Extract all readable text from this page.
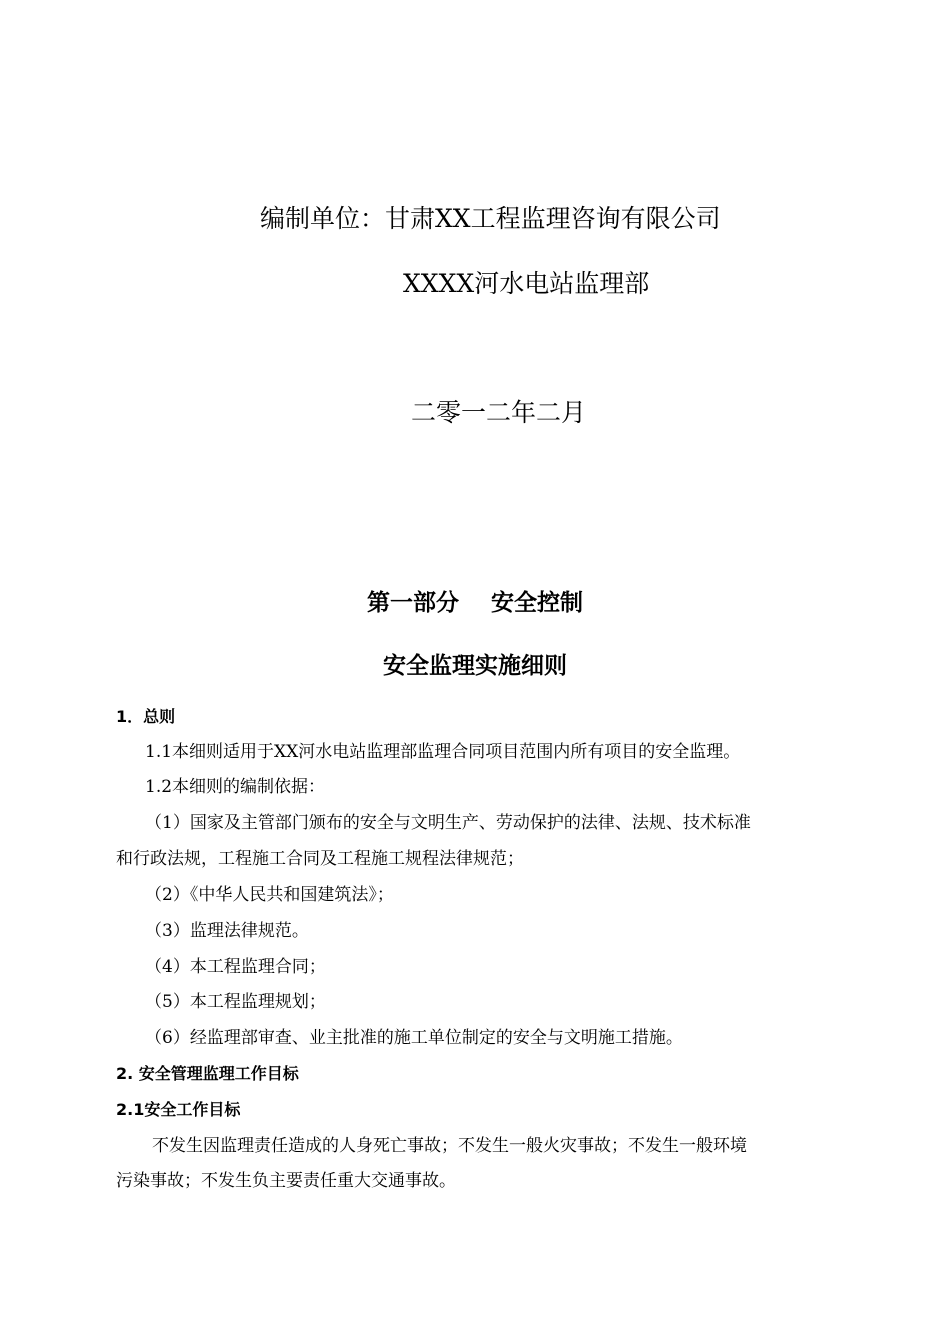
编制单位：甘肃XX工程监理咨询有限公司
XXXX河水电站监理部
二零一二年二月
第一部分    安全控制
安全监理实施细则
1．总则
1.1本细则适用于XX河水电站监理部监理合同项目范围内所有项目的安全监理。
1.2本细则的编制依据：
（1）国家及主管部门颁布的安全与文明生产、劳动保护的法律、法规、技术标准
和行政法规，工程施工合同及工程施工规程法律规范；
（2）《中华人民共和国建筑法》；
（3）监理法律规范。
（4）本工程监理合同；
（5）本工程监理规划；
（6）经监理部审查、业主批准的施工单位制定的安全与文明施工措施。
2. 安全管理监理工作目标
2.1安全工作目标
不发生因监理责任造成的人身死亡事故；不发生一般火灾事故；不发生一般环境
污染事故；不发生负主要责任重大交通事故。
